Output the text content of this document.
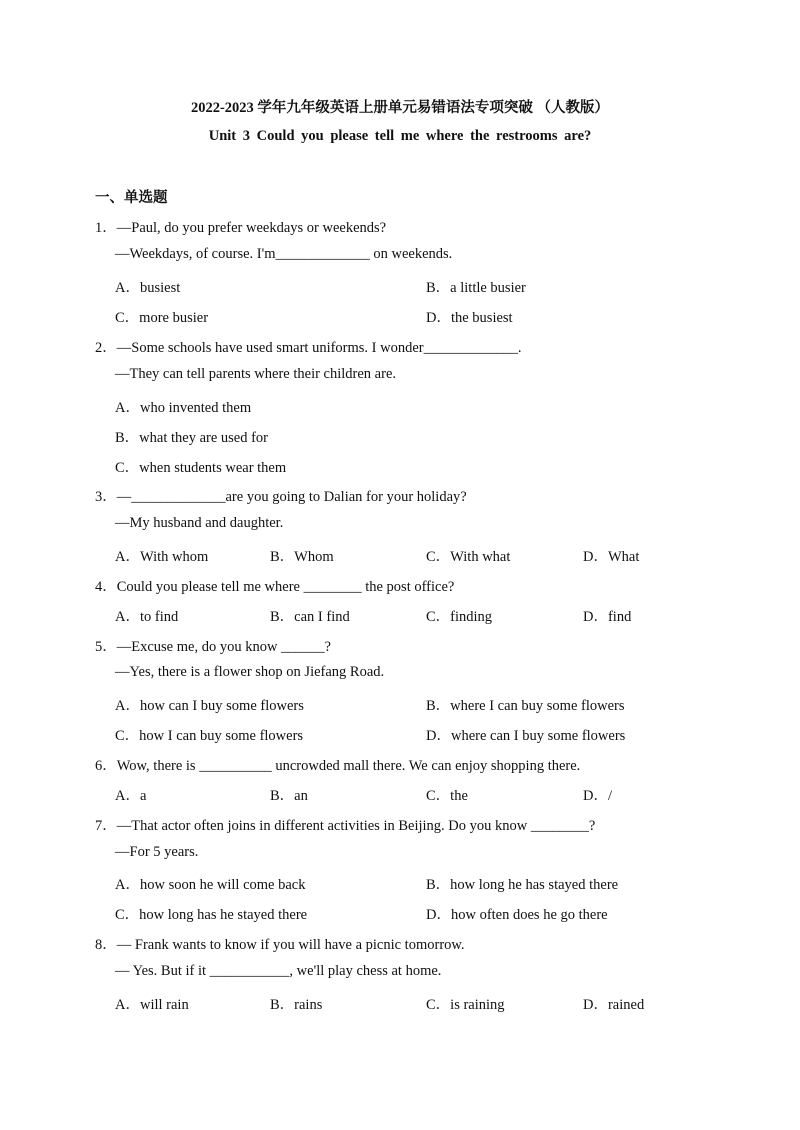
2022-2023 学年九年级英语上册单元易错语法专项突破 （人教版）
Unit 3 Could you please tell me where the restrooms are?
一、单选题
1．—Paul, do you prefer weekdays or weekends?
—Weekdays, of course. I'm_____________ on weekends.
A．busiest	B．a little busier
C．more busier	D．the busiest
2．—Some schools have used smart uniforms. I wonder_____________.
—They can tell parents where their children are.
A．who invented them
B．what they are used for
C．when students wear them
3．—_____________are you going to Dalian for your holiday?
—My husband and daughter.
A．With whom	B．Whom	C．With what	D．What
4．Could you please tell me where ________ the post office?
A．to find	B．can I find	C．finding	D．find
5．—Excuse me, do you know ______?
—Yes, there is a flower shop on Jiefang Road.
A．how can I buy some flowers	B．where I can buy some flowers
C．how I can buy some flowers	D．where can I buy some flowers
6．Wow, there is __________ uncrowded mall there. We can enjoy shopping there.
A．a	B．an	C．the	D．/
7．—That actor often joins in different activities in Beijing. Do you know ________?
—For 5 years.
A．how soon he will come back	B．how long he has stayed there
C．how long has he stayed there	D．how often does he go there
8．— Frank wants to know if you will have a picnic tomorrow.
— Yes. But if it ___________, we'll play chess at home.
A．will rain	B．rains	C．is raining	D．rained
